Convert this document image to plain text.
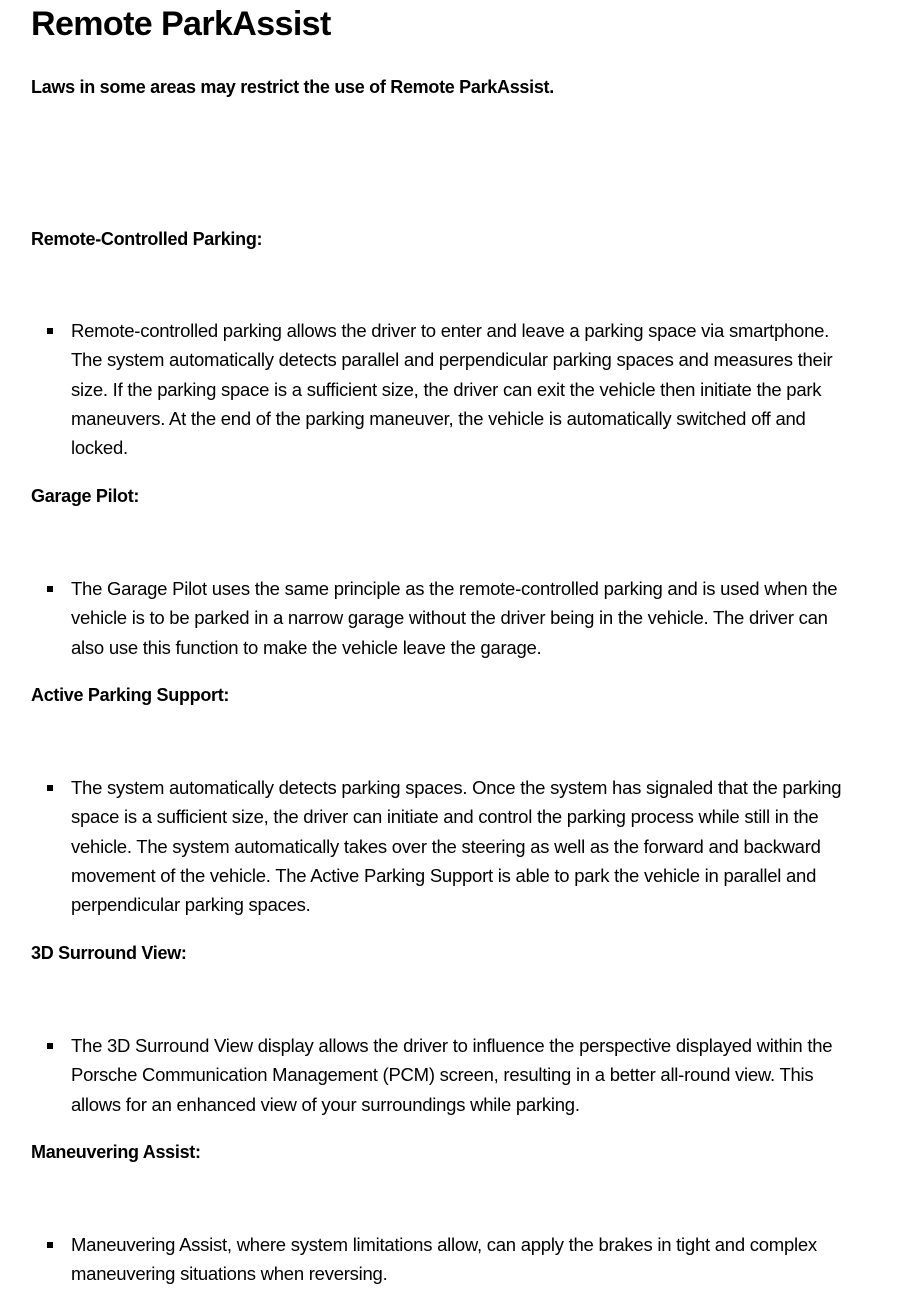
Remote ParkAssist

Laws in some areas may restrict the use of Remote ParkAssist.

Remote-Controlled Parking:
Remote-controlled parking allows the driver to enter and leave a parking space via smartphone. The system automatically detects parallel and perpendicular parking spaces and measures their size. If the parking space is a sufficient size, the driver can exit the vehicle then initiate the park maneuvers. At the end of the parking maneuver, the vehicle is automatically switched off and locked.
Garage Pilot:
The Garage Pilot uses the same principle as the remote-controlled parking and is used when the vehicle is to be parked in a narrow garage without the driver being in the vehicle. The driver can also use this function to make the vehicle leave the garage.
Active Parking Support:
The system automatically detects parking spaces. Once the system has signaled that the parking space is a sufficient size, the driver can initiate and control the parking process while still in the vehicle. The system automatically takes over the steering as well as the forward and backward movement of the vehicle. The Active Parking Support is able to park the vehicle in parallel and perpendicular parking spaces.
3D Surround View:
The 3D Surround View display allows the driver to influence the perspective displayed within the Porsche Communication Management (PCM) screen, resulting in a better all-round view. This allows for an enhanced view of your surroundings while parking.
Maneuvering Assist:
Maneuvering Assist, where system limitations allow, can apply the brakes in tight and complex maneuvering situations when reversing.
